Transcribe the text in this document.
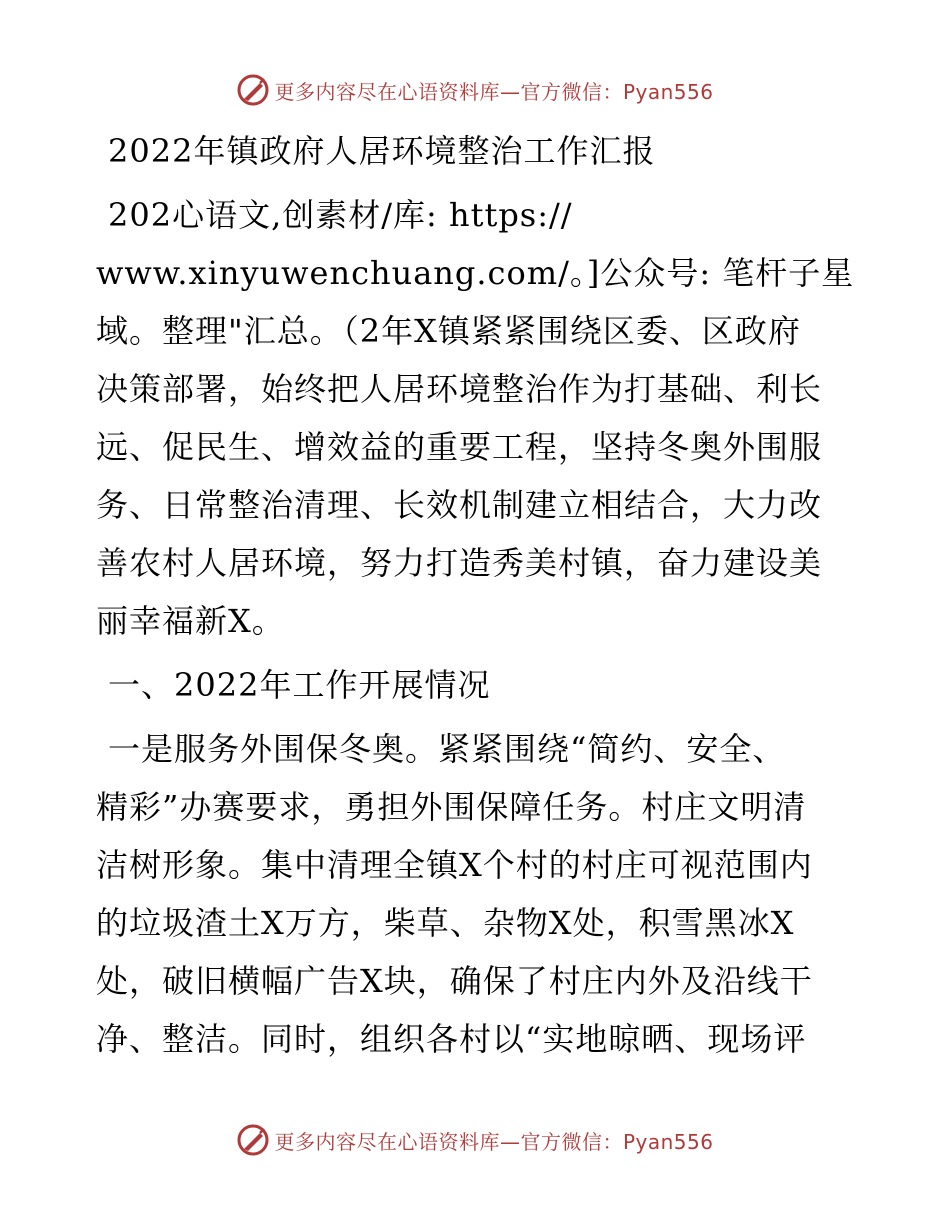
更多内容尽在心语资料库—官方微信：Pyan556
2022年镇政府人居环境整治工作汇报
202心语文,创素材/库: https://
www.xinyuwenchuang.com/。]公众号: 笔杆子星
域。整理"汇总。（2年X镇紧紧围绕区委、区政府
决策部署，始终把人居环境整治作为打基础、利长
远、促民生、增效益的重要工程，坚持冬奥外围服
务、日常整治清理、长效机制建立相结合，大力改
善农村人居环境，努力打造秀美村镇，奋力建设美
丽幸福新X。
一、2022年工作开展情况
一是服务外围保冬奥。紧紧围绕“简约、安全、
精彩”办赛要求，勇担外围保障任务。村庄文明清
洁树形象。集中清理全镇X个村的村庄可视范围内
的垃圾渣土X万方，柴草、杂物X处，积雪黑冰X
处，破旧横幅广告X块，确保了村庄内外及沿线干
净、整洁。同时，组织各村以“实地晾晒、现场评
更多内容尽在心语资料库—官方微信：Pyan556
